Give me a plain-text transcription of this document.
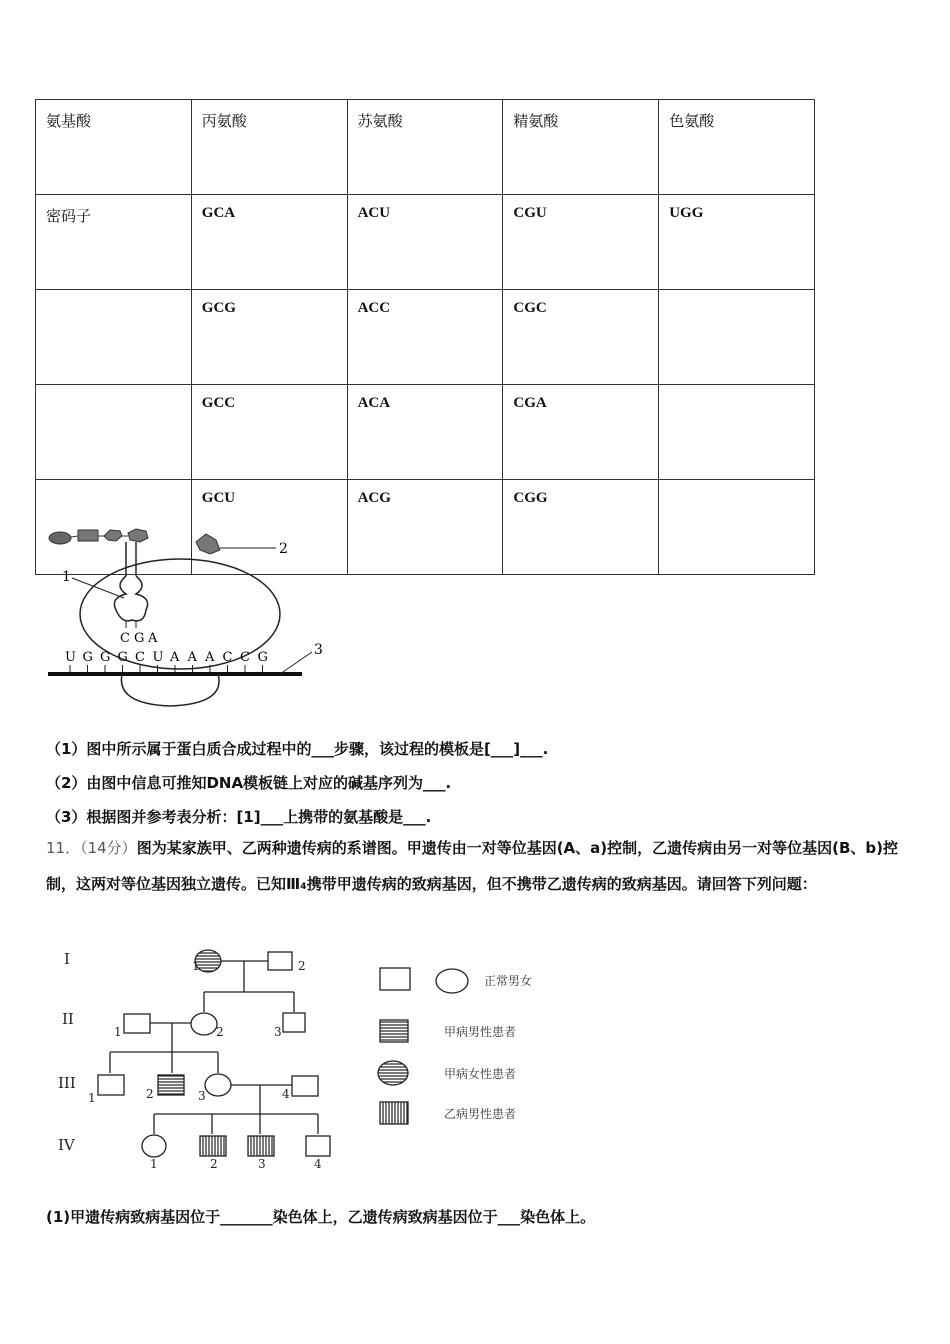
氨基酸	丙氨酸	苏氨酸	精氨酸	色氨酸
密码子	GCA	ACU	CGU	UGG
	GCG	ACC	CGC	
	GCC	ACA	CGA	
	GCU	ACG	CGG	
1
2
C G A
U G G G C U A A A C C G	3
（1）图中所示属于蛋白质合成过程中的___步骤，该过程的模板是[___]___.
（2）由图中信息可推知DNA模板链上对应的碱基序列为___.
（3）根据图并参考表分析：[1]___上携带的氨基酸是___.
11．（14分）图为某家族甲、乙两种遗传病的系谱图。甲遗传由一对等位基因(A、a)控制，乙遗传病由另一对等位基因(B、b)控制，这两对等位基因独立遗传。已知Ⅲ₄携带甲遗传病的致病基因，但不携带乙遗传病的致病基因。请回答下列问题：
I
II
III
IV
1	2
1	2	3
1	2	3	4
1	2	3	4
正常男女
甲病男性患者
甲病女性患者
乙病男性患者
(1)甲遗传病致病基因位于_______染色体上，乙遗传病致病基因位于___染色体上。
